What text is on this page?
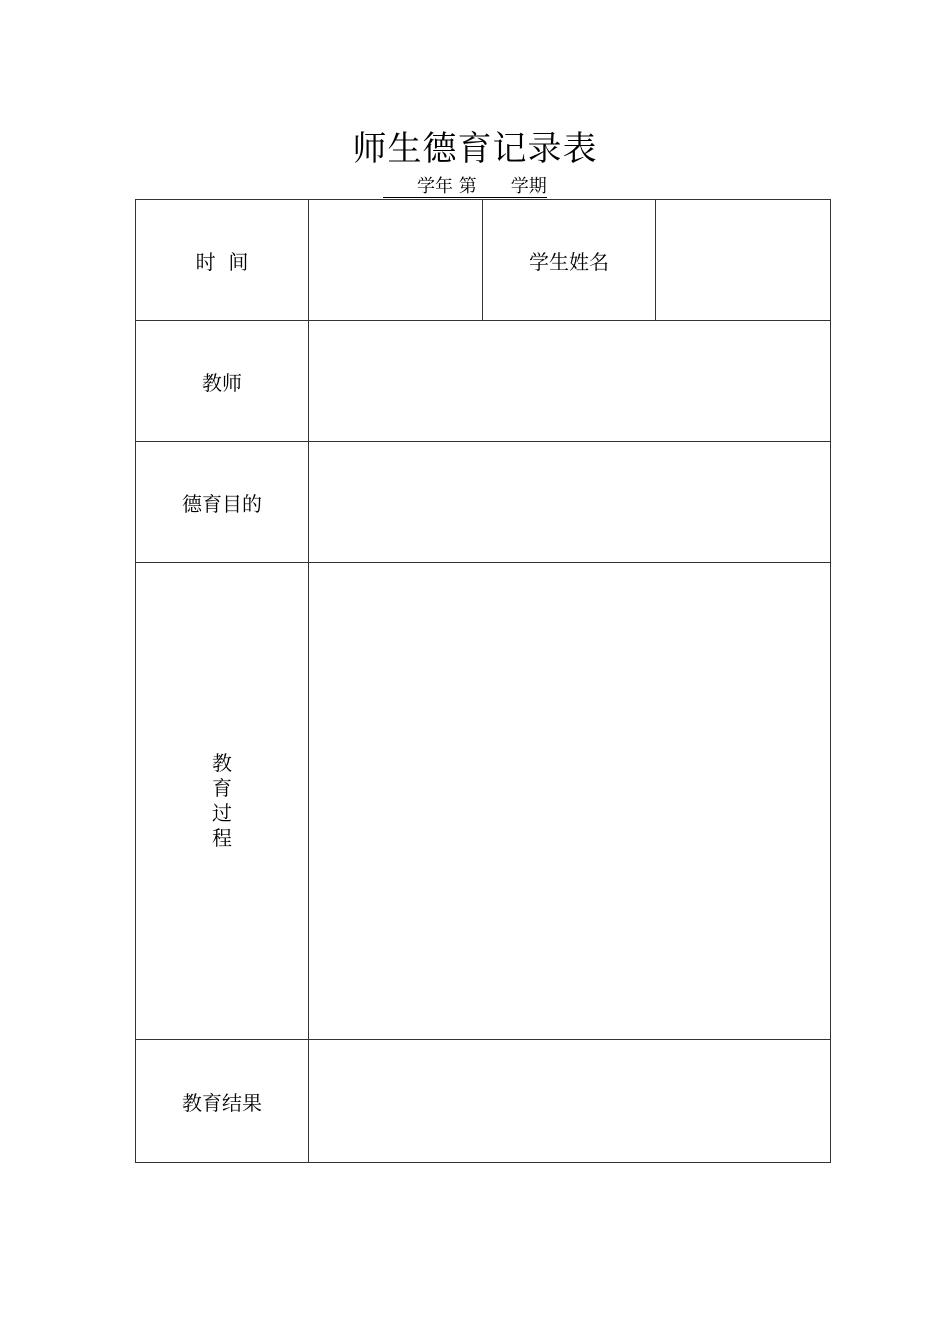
师生德育记录表
学年 第 学期
时  间		学生姓名	
教师			
德育目的			
教育过程			
教育结果			
